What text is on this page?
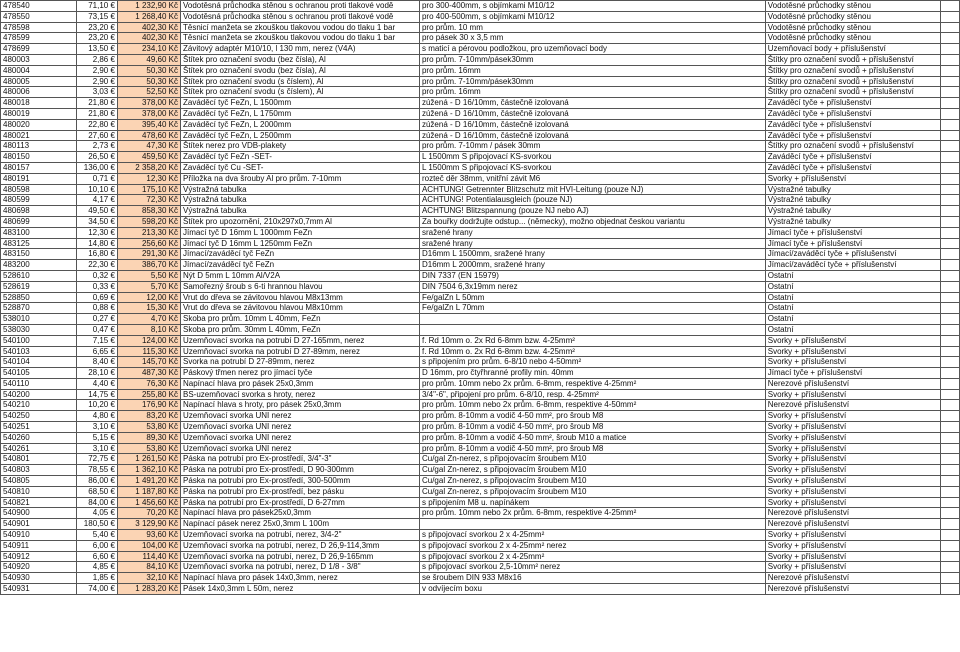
478540	71,10 €	1 232,90 Kč	Vodotěsná průchodka stěnou s ochranou proti tlakové vodě	pro 300-400mm, s objímkami M10/12	Vodotěsné průchodky stěnou	
478550	73,15 €	1 268,40 Kč	Vodotěsná průchodka stěnou s ochranou proti tlakové vodě	pro 400-500mm, s objímkami M10/12	Vodotěsné průchodky stěnou	
478598	23,20 €	402,30 Kč	Těsnicí manžeta se zkouškou tlakovou vodou do tlaku 1 bar	pro prům. 10 mm	Vodotěsné průchodky stěnou	
478599	23,20 €	402,30 Kč	Těsnicí manžeta se zkouškou tlakovou vodou do tlaku 1 bar	pro pásek 30 x 3,5 mm	Vodotěsné průchodky stěnou	
478699	13,50 €	234,10 Kč	Závitový adaptér M10/10, l 130 mm, nerez (V4A)	s maticí a pérovou podložkou, pro uzemňovací body	Uzemňovací body + příslušenství	
480003	2,86 €	49,60 Kč	Štítek pro označení svodu (bez čísla), Al	pro prům. 7-10mm/pásek30mm	Štítky pro označení svodů + příslušenství	
480004	2,90 €	50,30 Kč	Štítek pro označení svodu (bez čísla), Al	pro prům. 16mm	Štítky pro označení svodů + příslušenství	
480005	2,90 €	50,30 Kč	Štítek pro označení svodu (s číslem), Al	pro prům. 7-10mm/pásek30mm	Štítky pro označení svodů + příslušenství	
480006	3,03 €	52,50 Kč	Štítek pro označení svodu (s číslem), Al	pro prům. 16mm	Štítky pro označení svodů + příslušenství	
480018	21,80 €	378,00 Kč	Zaváděcí tyč FeZn, L 1500mm	zúžená - D 16/10mm, částečně izolovaná	Zaváděcí tyče + příslušenství	
480019	21,80 €	378,00 Kč	Zaváděcí tyč FeZn, L 1750mm	zúžená - D 16/10mm, částečně izolovaná	Zaváděcí tyče + příslušenství	
480020	22,80 €	395,40 Kč	Zaváděcí tyč FeZn, L 2000mm	zúžená - D 16/10mm, částečně izolovaná	Zaváděcí tyče + příslušenství	
480021	27,60 €	478,60 Kč	Zaváděcí tyč FeZn, L 2500mm	zúžená - D 16/10mm, částečně izolovaná	Zaváděcí tyče + příslušenství	
480113	2,73 €	47,30 Kč	Štítek nerez pro VDB-plakety	pro prům. 7-10mm / pásek 30mm	Štítky pro označení svodů + příslušenství	
480150	26,50 €	459,50 Kč	Zaváděcí tyč FeZn -SET-	L 1500mm S připojovací KS-svorkou	Zaváděcí tyče + příslušenství	
480157	136,00 €	2 358,20 Kč	Zaváděcí tyč Cu -SET-	L 1500mm S připojovací KS-svorkou	Zaváděcí tyče + příslušenství	
480191	0,71 €	12,30 Kč	Příložka na dva šrouby Al pro prům. 7-10mm	rozteč děr 38mm, vnitřní závit M6	Svorky + příslušenství	
480598	10,10 €	175,10 Kč	Výstražná tabulka	ACHTUNG! Getrennter Blitzschutz mit HVI-Leitung (pouze NJ)	Výstražné tabulky	
480599	4,17 €	72,30 Kč	Výstražná tabulka	ACHTUNG! Potentialausgleich (pouze NJ)	Výstražné tabulky	
480698	49,50 €	858,30 Kč	Výstražná tabulka	ACHTUNG! Blitzspannung (pouze NJ nebo AJ)	Výstražné tabulky	
480699	34,50 €	598,20 Kč	Štítek pro upozornění, 210x297x0,7mm Al	Za bouřky dodržujte odstup... (německy), možno objednat českou variantu	Výstražné tabulky	
483100	12,30 €	213,30 Kč	Jímací tyč D 16mm L 1000mm FeZn	sražené hrany	Jímací tyče + příslušenství	
483125	14,80 €	256,60 Kč	Jímací tyč D 16mm L 1250mm FeZn	sražené hrany	Jímací tyče + příslušenství	
483150	16,80 €	291,30 Kč	Jímací/zaváděcí tyč FeZn	D16mm L 1500mm, sražené hrany	Jímací/zaváděcí tyče + příslušenství	
483200	22,30 €	386,70 Kč	Jímací/zaváděcí tyč FeZn	D16mm L 2000mm, sražené hrany	Jímací/zaváděcí tyče + příslušenství	
528610	0,32 €	5,50 Kč	Nýt D 5mm L 10mm Al/V2A	DIN 7337 (EN 15979)	Ostatní	
528619	0,33 €	5,70 Kč	Samořezný šroub s 6-ti hrannou hlavou	DIN 7504 6,3x19mm nerez	Ostatní	
528850	0,69 €	12,00 Kč	Vrut do dřeva se závitovou hlavou M8x13mm	Fe/galZn L 50mm	Ostatní	
528870	0,88 €	15,30 Kč	Vrut do dřeva se závitovou hlavou M8x10mm	Fe/galZn L 70mm	Ostatní	
538010	0,27 €	4,70 Kč	Skoba pro prům. 10mm L 40mm, FeZn		Ostatní	
538030	0,47 €	8,10 Kč	Skoba pro prům. 30mm L 40mm, FeZn		Ostatní	
540100	7,15 €	124,00 Kč	Uzemňovací svorka na potrubí D 27-165mm, nerez	f. Rd 10mm o. 2x Rd 6-8mm bzw. 4-25mm²	Svorky + příslušenství	
540103	6,65 €	115,30 Kč	Uzemňovací svorka na potrubí D 27-89mm, nerez	f. Rd 10mm o. 2x Rd 6-8mm bzw. 4-25mm²	Svorky + příslušenství	
540104	8,40 €	145,70 Kč	Svorka na potrubí D 27-89mm, nerez	s připojením pro prům. 6-8/10 nebo 4-50mm²	Svorky + příslušenství	
540105	28,10 €	487,30 Kč	Páskový třmen nerez pro jímací tyče	D 16mm, pro čtyřhranné profily min. 40mm	Jímací tyče + příslušenství	
540110	4,40 €	76,30 Kč	Napínací hlava pro pásek 25x0,3mm	pro prům. 10mm nebo 2x prům. 6-8mm, respektive 4-25mm²	Nerezové příslušenství	
540200	14,75 €	255,80 Kč	BS-uzemňovací svorka s hroty, nerez	3/4"-6", připojení pro prům. 6-8/10, resp. 4-25mm²	Svorky + příslušenství	
540210	10,20 €	176,90 Kč	Napínací hlava s hroty, pro pásek 25x0,3mm	pro prům. 10mm nebo 2x prům. 6-8mm, respektive 4-50mm²	Nerezové příslušenství	
540250	4,80 €	83,20 Kč	Uzemňovací svorka UNI nerez	pro prům. 8-10mm a vodič 4-50 mm², pro šroub M8	Svorky + příslušenství	
540251	3,10 €	53,80 Kč	Uzemňovací svorka UNI nerez	pro prům. 8-10mm a vodič 4-50 mm², pro šroub M8	Svorky + příslušenství	
540260	5,15 €	89,30 Kč	Uzemňovací svorka UNI nerez	pro prům. 8-10mm a vodič 4-50 mm², šroub M10 a matice	Svorky + příslušenství	
540261	3,10 €	53,80 Kč	Uzemňovací svorka UNI nerez	pro prům. 8-10mm a vodič 4-50 mm², pro šroub M8	Svorky + příslušenství	
540801	72,75 €	1 261,50 Kč	Páska na potrubí pro Ex-prostředí, 3/4"-3"	Cu/gal Zn-nerez, s připojovacím šroubem M10	Svorky + příslušenství	
540803	78,55 €	1 362,10 Kč	Páska na potrubí pro Ex-prostředí, D 90-300mm	Cu/gal Zn-nerez, s připojovacím šroubem M10	Svorky + příslušenství	
540805	86,00 €	1 491,20 Kč	Páska na potrubí pro Ex-prostředí, 300-500mm	Cu/gal Zn-nerez, s připojovacím šroubem M10	Svorky + příslušenství	
540810	68,50 €	1 187,80 Kč	Páska na potrubí pro Ex-prostředí, bez pásku	Cu/gal Zn-nerez, s připojovacím šroubem M10	Svorky + příslušenství	
540821	84,00 €	1 456,60 Kč	Páska na potrubí pro Ex-prostředí, D 6-27mm	s připojením M8 u. napínákem	Svorky + příslušenství	
540900	4,05 €	70,20 Kč	Napínací hlava pro pásek25x0,3mm	pro prům. 10mm nebo 2x prům. 6-8mm, respektive 4-25mm²	Nerezové příslušenství	
540901	180,50 €	3 129,90 Kč	Napínací pásek nerez 25x0,3mm L 100m		Nerezové příslušenství	
540910	5,40 €	93,60 Kč	Uzemňovací svorka na potrubí, nerez, 3/4-2"	s připojovací svorkou 2 x 4-25mm²	Svorky + příslušenství	
540911	6,00 €	104,00 Kč	Uzemňovací svorka na potrubí, nerez, D 26,9-114,3mm	s připojovací svorkou 2 x 4-25mm² nerez	Svorky + příslušenství	
540912	6,60 €	114,40 Kč	Uzemňovací svorka na potrubí, nerez, D 26,9-165mm	s připojovací svorkou 2 x 4-25mm²	Svorky + příslušenství	
540920	4,85 €	84,10 Kč	Uzemňovací svorka na potrubí, nerez, D 1/8 - 3/8"	s připojovací svorkou 2,5-10mm² nerez	Svorky + příslušenství	
540930	1,85 €	32,10 Kč	Napínací hlava pro pásek 14x0,3mm, nerez	se šroubem DIN 933 M8x16	Nerezové příslušenství	
540931	74,00 €	1 283,20 Kč	Pásek 14x0,3mm L 50m, nerez	v odvíjecím boxu	Nerezové příslušenství	
